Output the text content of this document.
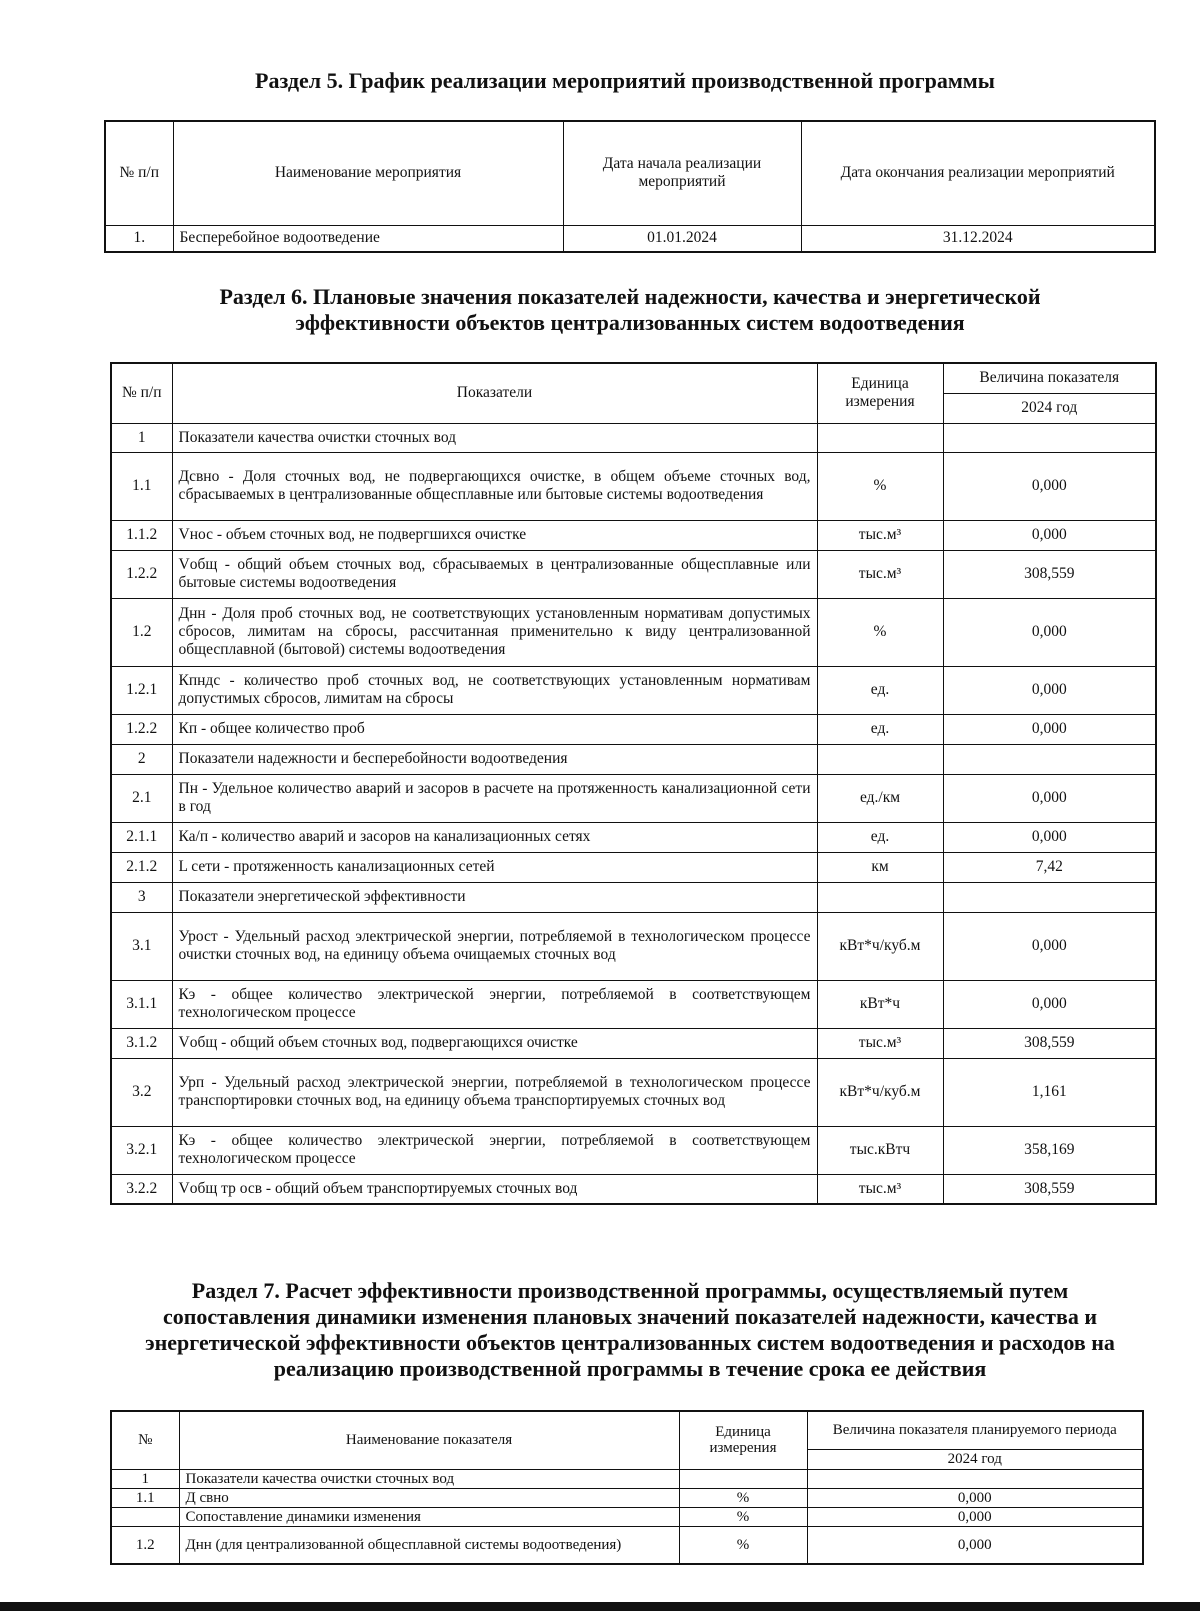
Раздел 5. График реализации мероприятий производственной программы
№ п/п	Наименование мероприятия	Дата начала реализации мероприятий	Дата окончания реализации мероприятий
1.	Бесперебойное водоотведение	01.01.2024	31.12.2024
Раздел 6. Плановые значения показателей надежности, качества и энергетической эффективности объектов централизованных систем водоотведения
№ п/п	Показатели	Единица измерения	Величина показателя
			2024 год
1	Показатели качества очистки сточных вод		
1.1	Дсвно - Доля сточных вод, не подвергающихся очистке, в общем объеме сточных вод, сбрасываемых в централизованные общесплавные или бытовые системы водоотведения	%	0,000
1.1.2	Vнос - объем сточных вод, не подвергшихся очистке	тыс.м³	0,000
1.2.2	Vобщ - общий объем сточных вод, сбрасываемых в централизованные общесплавные или бытовые системы водоотведения	тыс.м³	308,559
1.2	Днн - Доля проб сточных вод, не соответствующих установленным нормативам допустимых сбросов, лимитам на сбросы, рассчитанная применительно к виду централизованной общесплавной (бытовой) системы водоотведения	%	0,000
1.2.1	Кпндс - количество проб сточных вод, не соответствующих установленным нормативам допустимых сбросов, лимитам на сбросы	ед.	0,000
1.2.2	Кп - общее количество проб	ед.	0,000
2	Показатели надежности и бесперебойности водоотведения		
2.1	Пн - Удельное количество аварий и засоров в расчете на протяженность канализационной сети в год	ед./км	0,000
2.1.1	Ка/п - количество аварий и засоров на канализационных сетях	ед.	0,000
2.1.2	L сети - протяженность канализационных сетей	км	7,42
3	Показатели энергетической эффективности		
3.1	Урост - Удельный расход электрической энергии, потребляемой в технологическом процессе очистки сточных вод, на единицу объема очищаемых сточных вод	кВт*ч/куб.м	0,000
3.1.1	Кэ - общее количество электрической энергии, потребляемой в соответствующем технологическом процессе	кВт*ч	0,000
3.1.2	Vобщ - общий объем сточных вод, подвергающихся очистке	тыс.м³	308,559
3.2	Урп - Удельный расход электрической энергии, потребляемой в технологическом процессе транспортировки сточных вод, на единицу объема транспортируемых сточных вод	кВт*ч/куб.м	1,161
3.2.1	Кэ - общее количество электрической энергии, потребляемой в соответствующем технологическом процессе	тыс.кВтч	358,169
3.2.2	Vобщ тр осв - общий объем транспортируемых сточных вод	тыс.м³	308,559
Раздел 7. Расчет эффективности производственной программы, осуществляемый путем сопоставления динамики изменения плановых значений показателей надежности, качества и энергетической эффективности объектов централизованных систем водоотведения и расходов на реализацию производственной программы в течение срока ее действия
№	Наименование показателя	Единица измерения	Величина показателя планируемого периода
			2024 год
1	Показатели качества очистки сточных вод		
1.1	Д свно	%	0,000
	Сопоставление динамики изменения	%	0,000
1.2	Днн (для централизованной общесплавной системы водоотведения)	%	0,000
